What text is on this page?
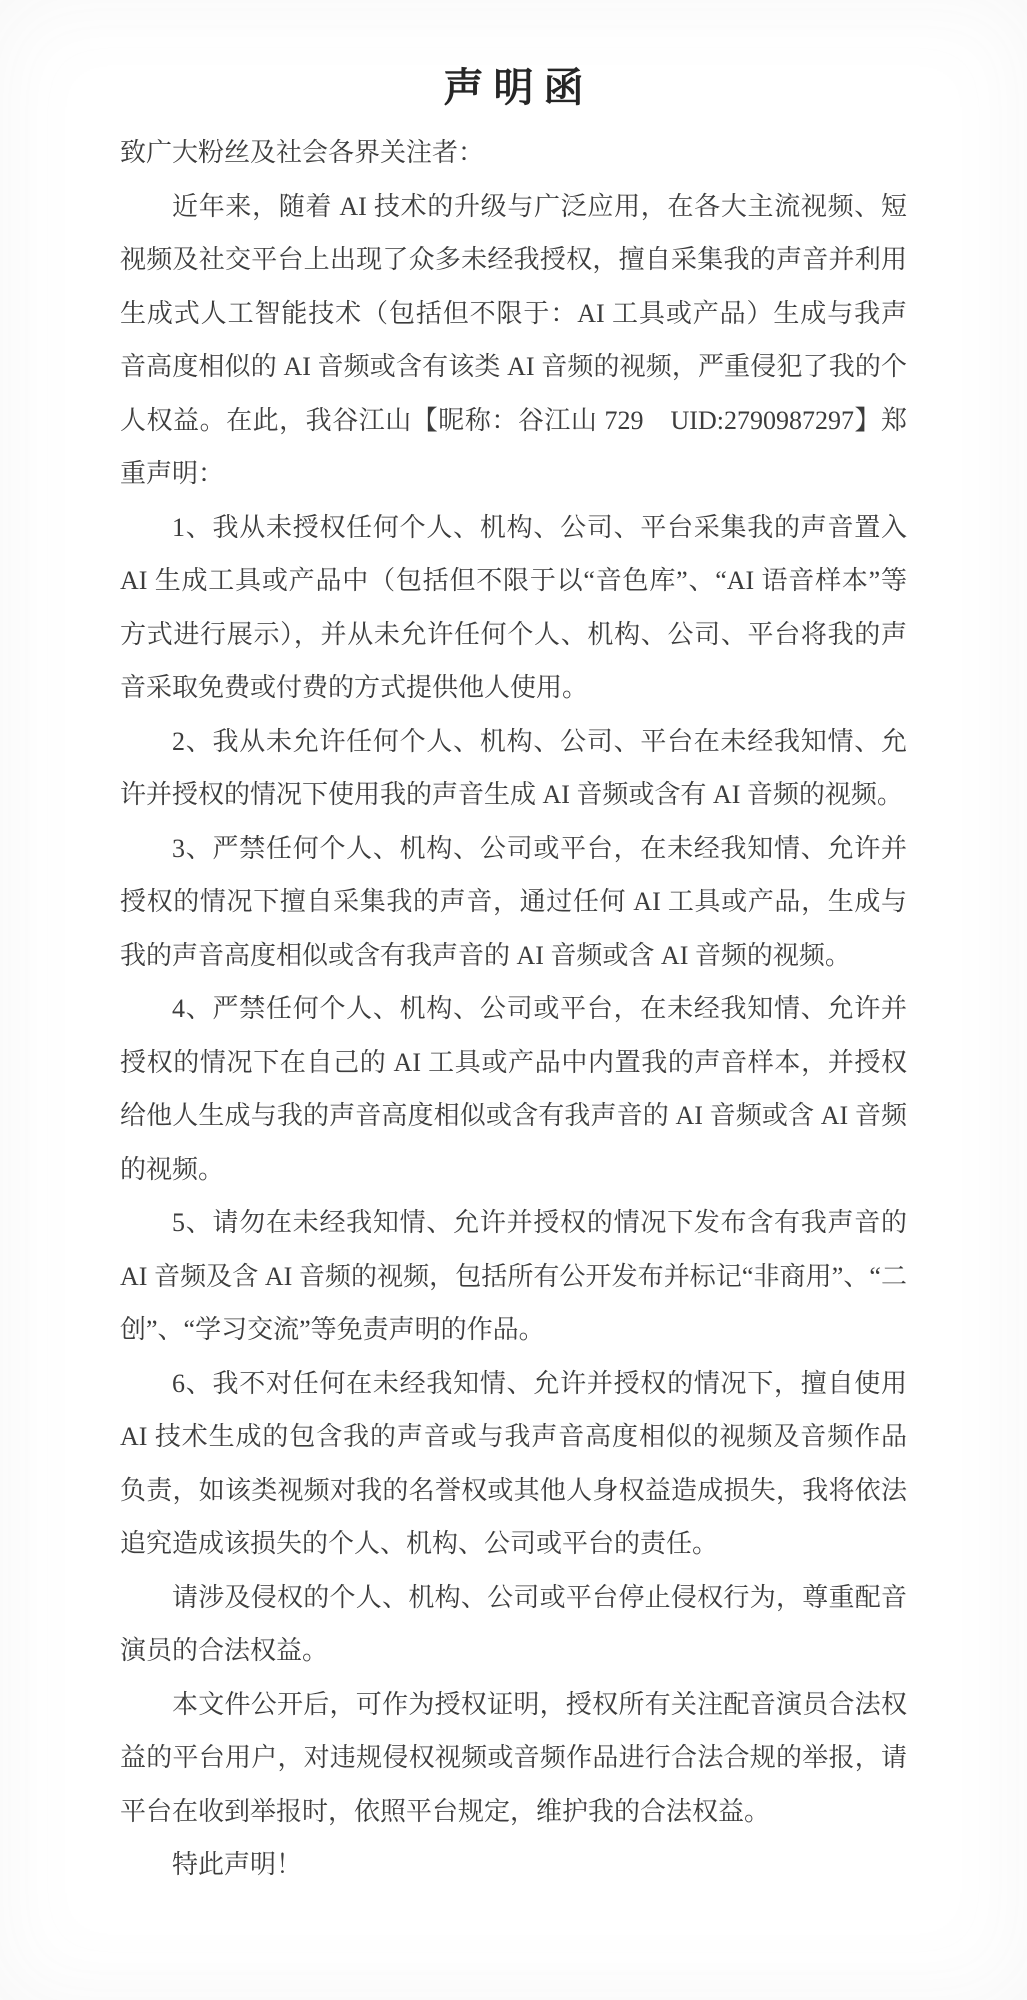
声明函

致广大粉丝及社会各界关注者：

近年来，随着 AI 技术的升级与广泛应用，在各大主流视频、短视频及社交平台上出现了众多未经我授权，擅自采集我的声音并利用生成式人工智能技术（包括但不限于：AI 工具或产品）生成与我声音高度相似的 AI 音频或含有该类 AI 音频的视频，严重侵犯了我的个人权益。在此，我谷江山【昵称：谷江山 729　UID:2790987297】郑重声明：

1、我从未授权任何个人、机构、公司、平台采集我的声音置入 AI 生成工具或产品中（包括但不限于以“音色库”、“AI 语音样本”等方式进行展示），并从未允许任何个人、机构、公司、平台将我的声音采取免费或付费的方式提供他人使用。

2、我从未允许任何个人、机构、公司、平台在未经我知情、允许并授权的情况下使用我的声音生成 AI 音频或含有 AI 音频的视频。

3、严禁任何个人、机构、公司或平台，在未经我知情、允许并授权的情况下擅自采集我的声音，通过任何 AI 工具或产品，生成与我的声音高度相似或含有我声音的 AI 音频或含 AI 音频的视频。

4、严禁任何个人、机构、公司或平台，在未经我知情、允许并授权的情况下在自己的 AI 工具或产品中内置我的声音样本，并授权给他人生成与我的声音高度相似或含有我声音的 AI 音频或含 AI 音频的视频。

5、请勿在未经我知情、允许并授权的情况下发布含有我声音的 AI 音频及含 AI 音频的视频，包括所有公开发布并标记“非商用”、“二创”、“学习交流”等免责声明的作品。

6、我不对任何在未经我知情、允许并授权的情况下，擅自使用 AI 技术生成的包含我的声音或与我声音高度相似的视频及音频作品负责，如该类视频对我的名誉权或其他人身权益造成损失，我将依法追究造成该损失的个人、机构、公司或平台的责任。

请涉及侵权的个人、机构、公司或平台停止侵权行为，尊重配音演员的合法权益。

本文件公开后，可作为授权证明，授权所有关注配音演员合法权益的平台用户，对违规侵权视频或音频作品进行合法合规的举报，请平台在收到举报时，依照平台规定，维护我的合法权益。

特此声明！
